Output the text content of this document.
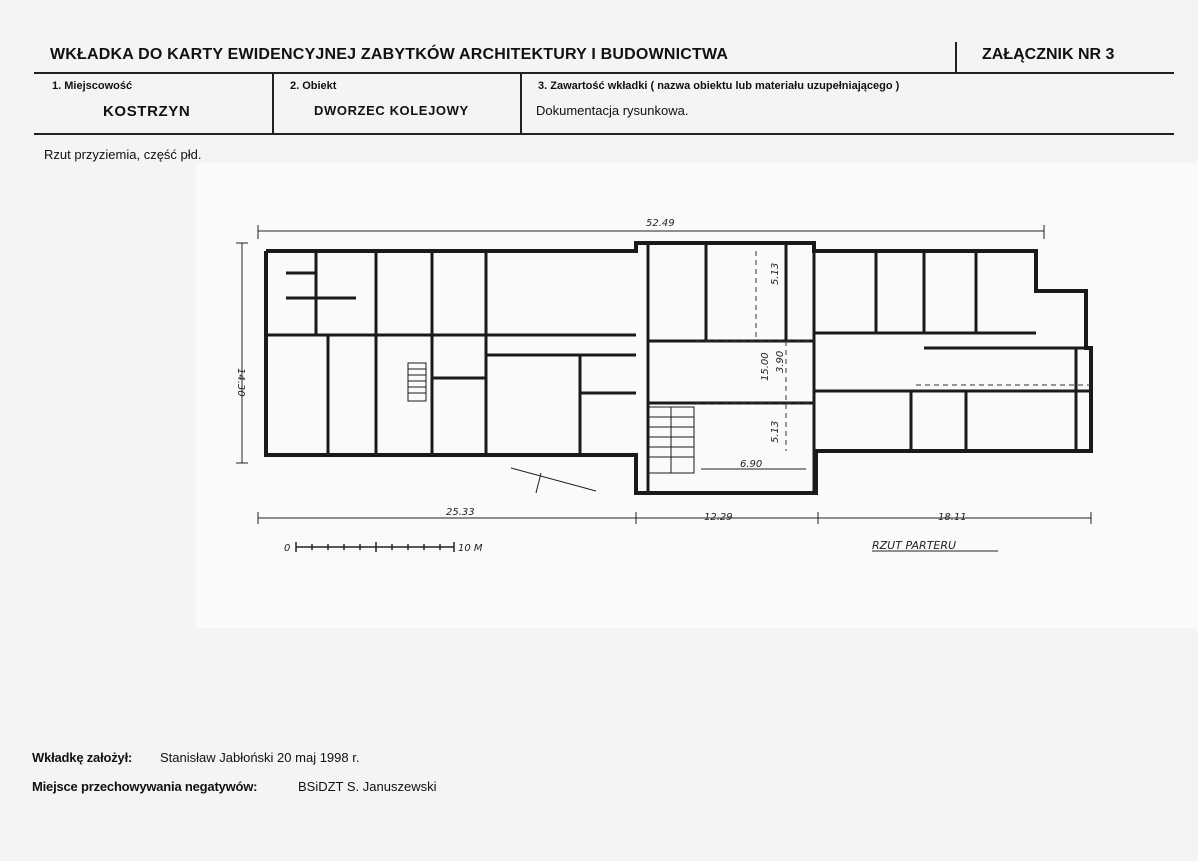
WKŁADKA DO KARTY EWIDENCYJNEJ ZABYTKÓW ARCHITEKTURY I BUDOWNICTWA	ZAŁĄCZNIK NR 3
1. Miejscowość
KOSTRZYN
2. Obiekt
DWORZEC KOLEJOWY
3. Zawartość wkładki ( nazwa obiektu lub materiału uzupełniającego )
Dokumentacja rysunkowa.
Rzut przyziemia, część płd.
52.49
14.30
25.33	12.29	18.11
6.90
5.13
3.90
15.00
5.13
0	10 M	RZUT PARTERU
Wkładkę założył: Stanisław Jabłoński 20 maj 1998 r.
Miejsce przechowywania negatywów:	BSiDZT S. Januszewski
